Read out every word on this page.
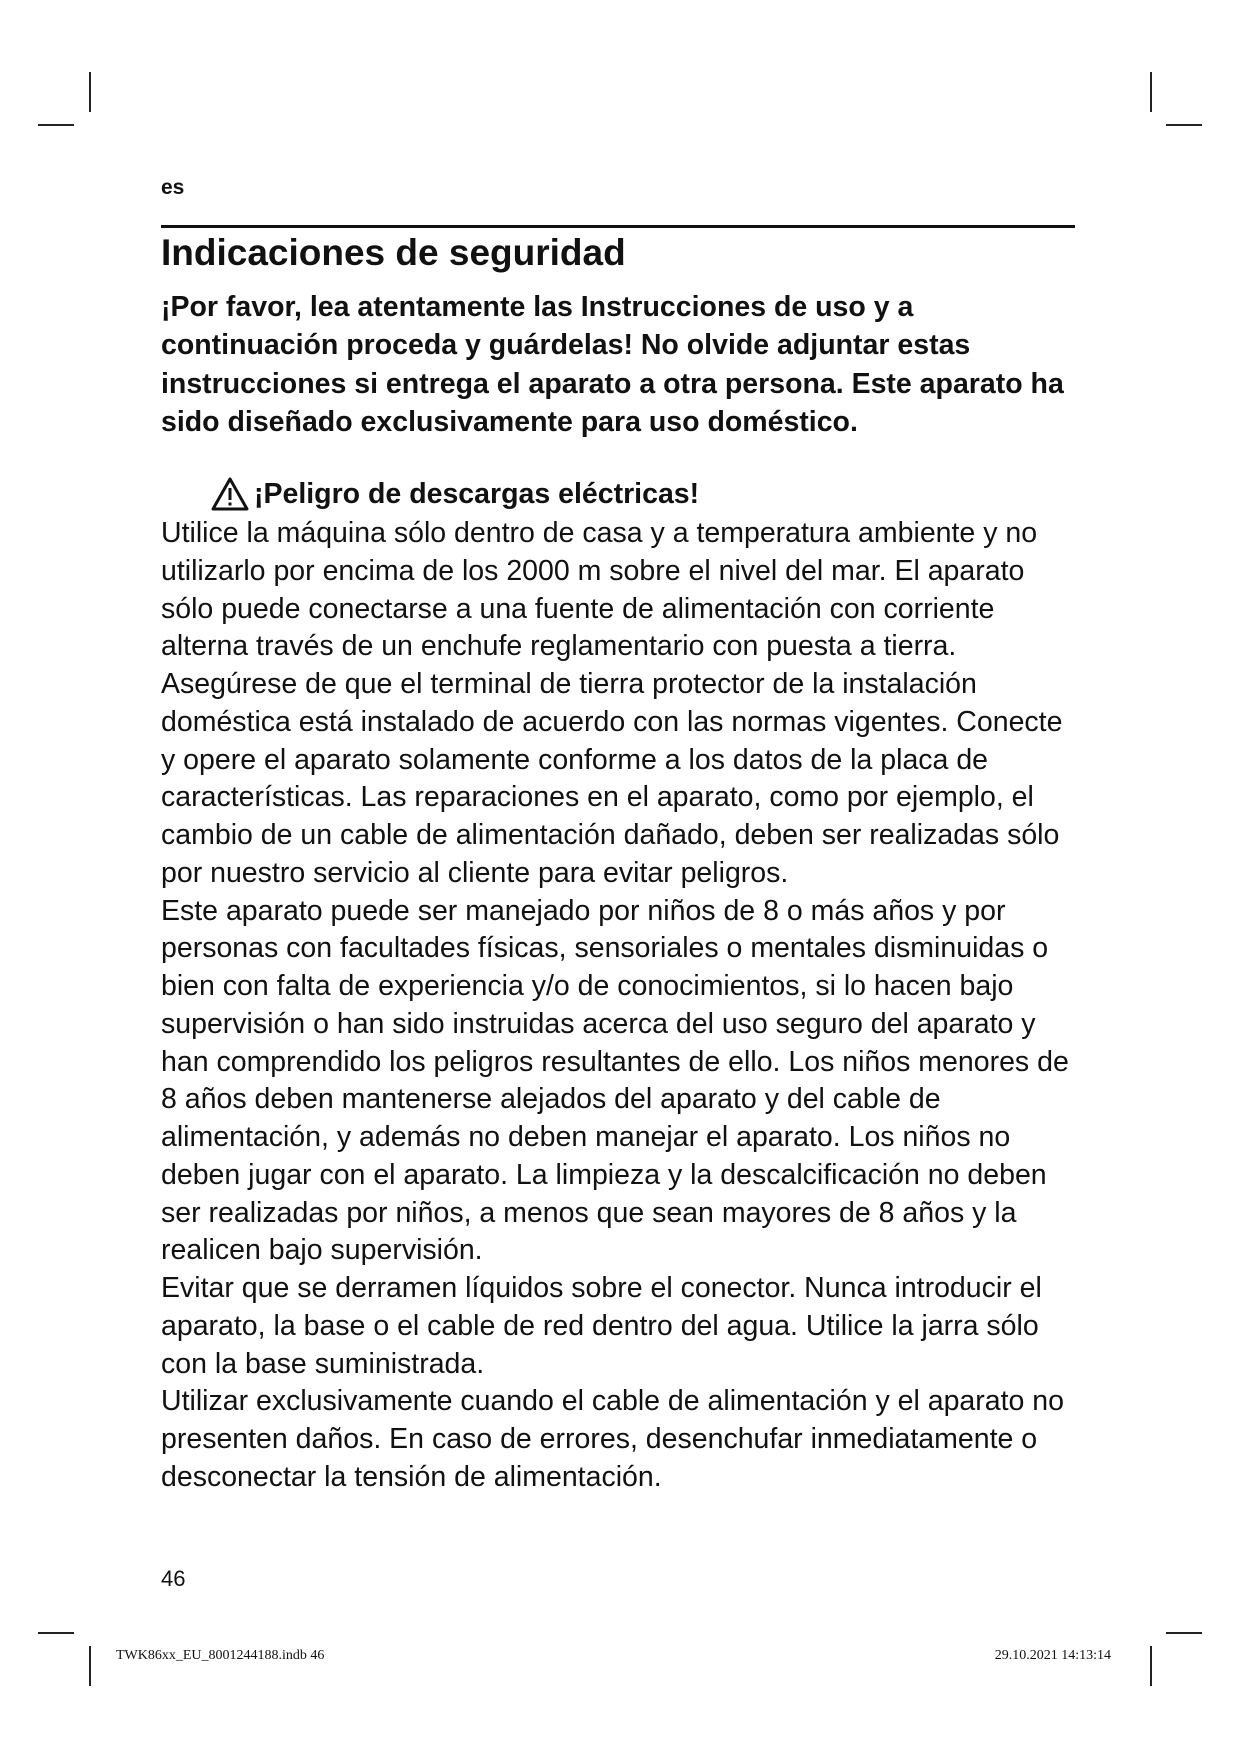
es
Indicaciones de seguridad

¡Por favor, lea atentamente las Instrucciones de uso y a continuación proceda y guárdelas! No olvide adjuntar estas instrucciones si entrega el aparato a otra persona. Este aparato ha sido diseñado exclusivamente para uso doméstico.

¡Peligro de descargas eléctricas!

Utilice la máquina sólo dentro de casa y a temperatura ambiente y no utilizarlo por encima de los 2000 m sobre el nivel del mar. El aparato sólo puede conectarse a una fuente de alimentación con corriente alterna través de un enchufe reglamentario con puesta a tierra. Asegúrese de que el terminal de tierra protector de la instalación doméstica está instalado de acuerdo con las normas vigentes. Conecte y opere el aparato solamente conforme a los datos de la placa de características. Las reparaciones en el aparato, como por ejemplo, el cambio de un cable de alimentación dañado, deben ser realizadas sólo por nuestro servicio al cliente para evitar peligros.

Este aparato puede ser manejado por niños de 8 o más años y por personas con facultades físicas, sensoriales o mentales disminuidas o bien con falta de experiencia y/o de conocimientos, si lo hacen bajo supervisión o han sido instruidas acerca del uso seguro del aparato y han comprendido los peligros resultantes de ello. Los niños menores de 8 años deben mantenerse alejados del aparato y del cable de alimentación, y además no deben manejar el aparato. Los niños no deben jugar con el aparato. La limpieza y la descalcificación no deben ser realizadas por niños, a menos que sean mayores de 8 años y la realicen bajo supervisión.

Evitar que se derramen líquidos sobre el conector. Nunca introducir el aparato, la base o el cable de red dentro del agua. Utilice la jarra sólo con la base suministrada.

Utilizar exclusivamente cuando el cable de alimentación y el aparato no presenten daños. En caso de errores, desenchufar inmediatamente o desconectar la tensión de alimentación.

46
TWK86xx_EU_8001244188.indb 46	29.10.2021 14:13:14
